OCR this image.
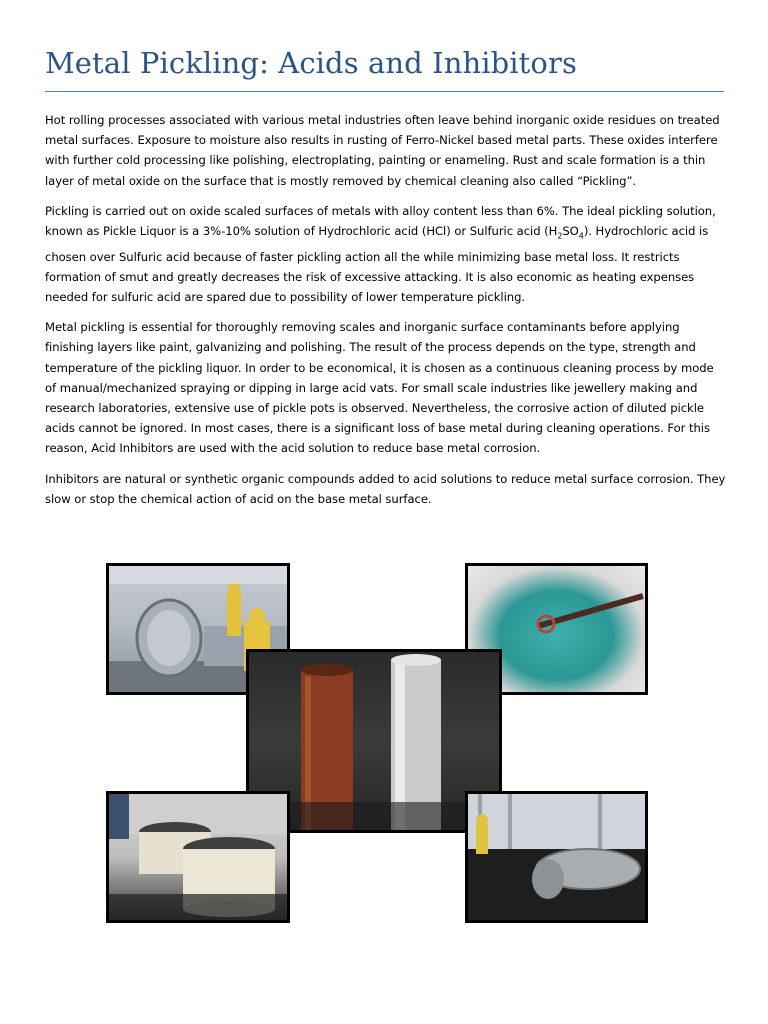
Metal Pickling: Acids and Inhibitors

Hot rolling processes associated with various metal industries often leave behind inorganic oxide residues on treated metal surfaces. Exposure to moisture also results in rusting of Ferro-Nickel based metal parts. These oxides interfere with further cold processing like polishing, electroplating, painting or enameling. Rust and scale formation is a thin layer of metal oxide on the surface that is mostly removed by chemical cleaning also called “Pickling”.

Pickling is carried out on oxide scaled surfaces of metals with alloy content less than 6%. The ideal pickling solution, known as Pickle Liquor is a 3%-10% solution of Hydrochloric acid (HCl) or Sulfuric acid $(H_2SO_4)$. Hydrochloric acid is chosen over Sulfuric acid because of faster pickling action all the while minimizing base metal loss. It restricts formation of smut and greatly decreases the risk of excessive attacking. It is also economic as heating expenses needed for sulfuric acid are spared due to possibility of lower temperature pickling.

Metal pickling is essential for thoroughly removing scales and inorganic surface contaminants before applying finishing layers like paint, galvanizing and polishing. The result of the process depends on the type, strength and temperature of the pickling liquor. In order to be economical, it is chosen as a continuous cleaning process by mode of manual/mechanized spraying or dipping in large acid vats. For small scale industries like jewellery making and research laboratories, extensive use of pickle pots is observed. Nevertheless, the corrosive action of diluted pickle acids cannot be ignored. In most cases, there is a significant loss of base metal during cleaning operations. For this reason, Acid Inhibitors are used with the acid solution to reduce base metal corrosion.

Inhibitors are natural or synthetic organic compounds added to acid solutions to reduce metal surface corrosion. They slow or stop the chemical action of acid on the base metal surface.
